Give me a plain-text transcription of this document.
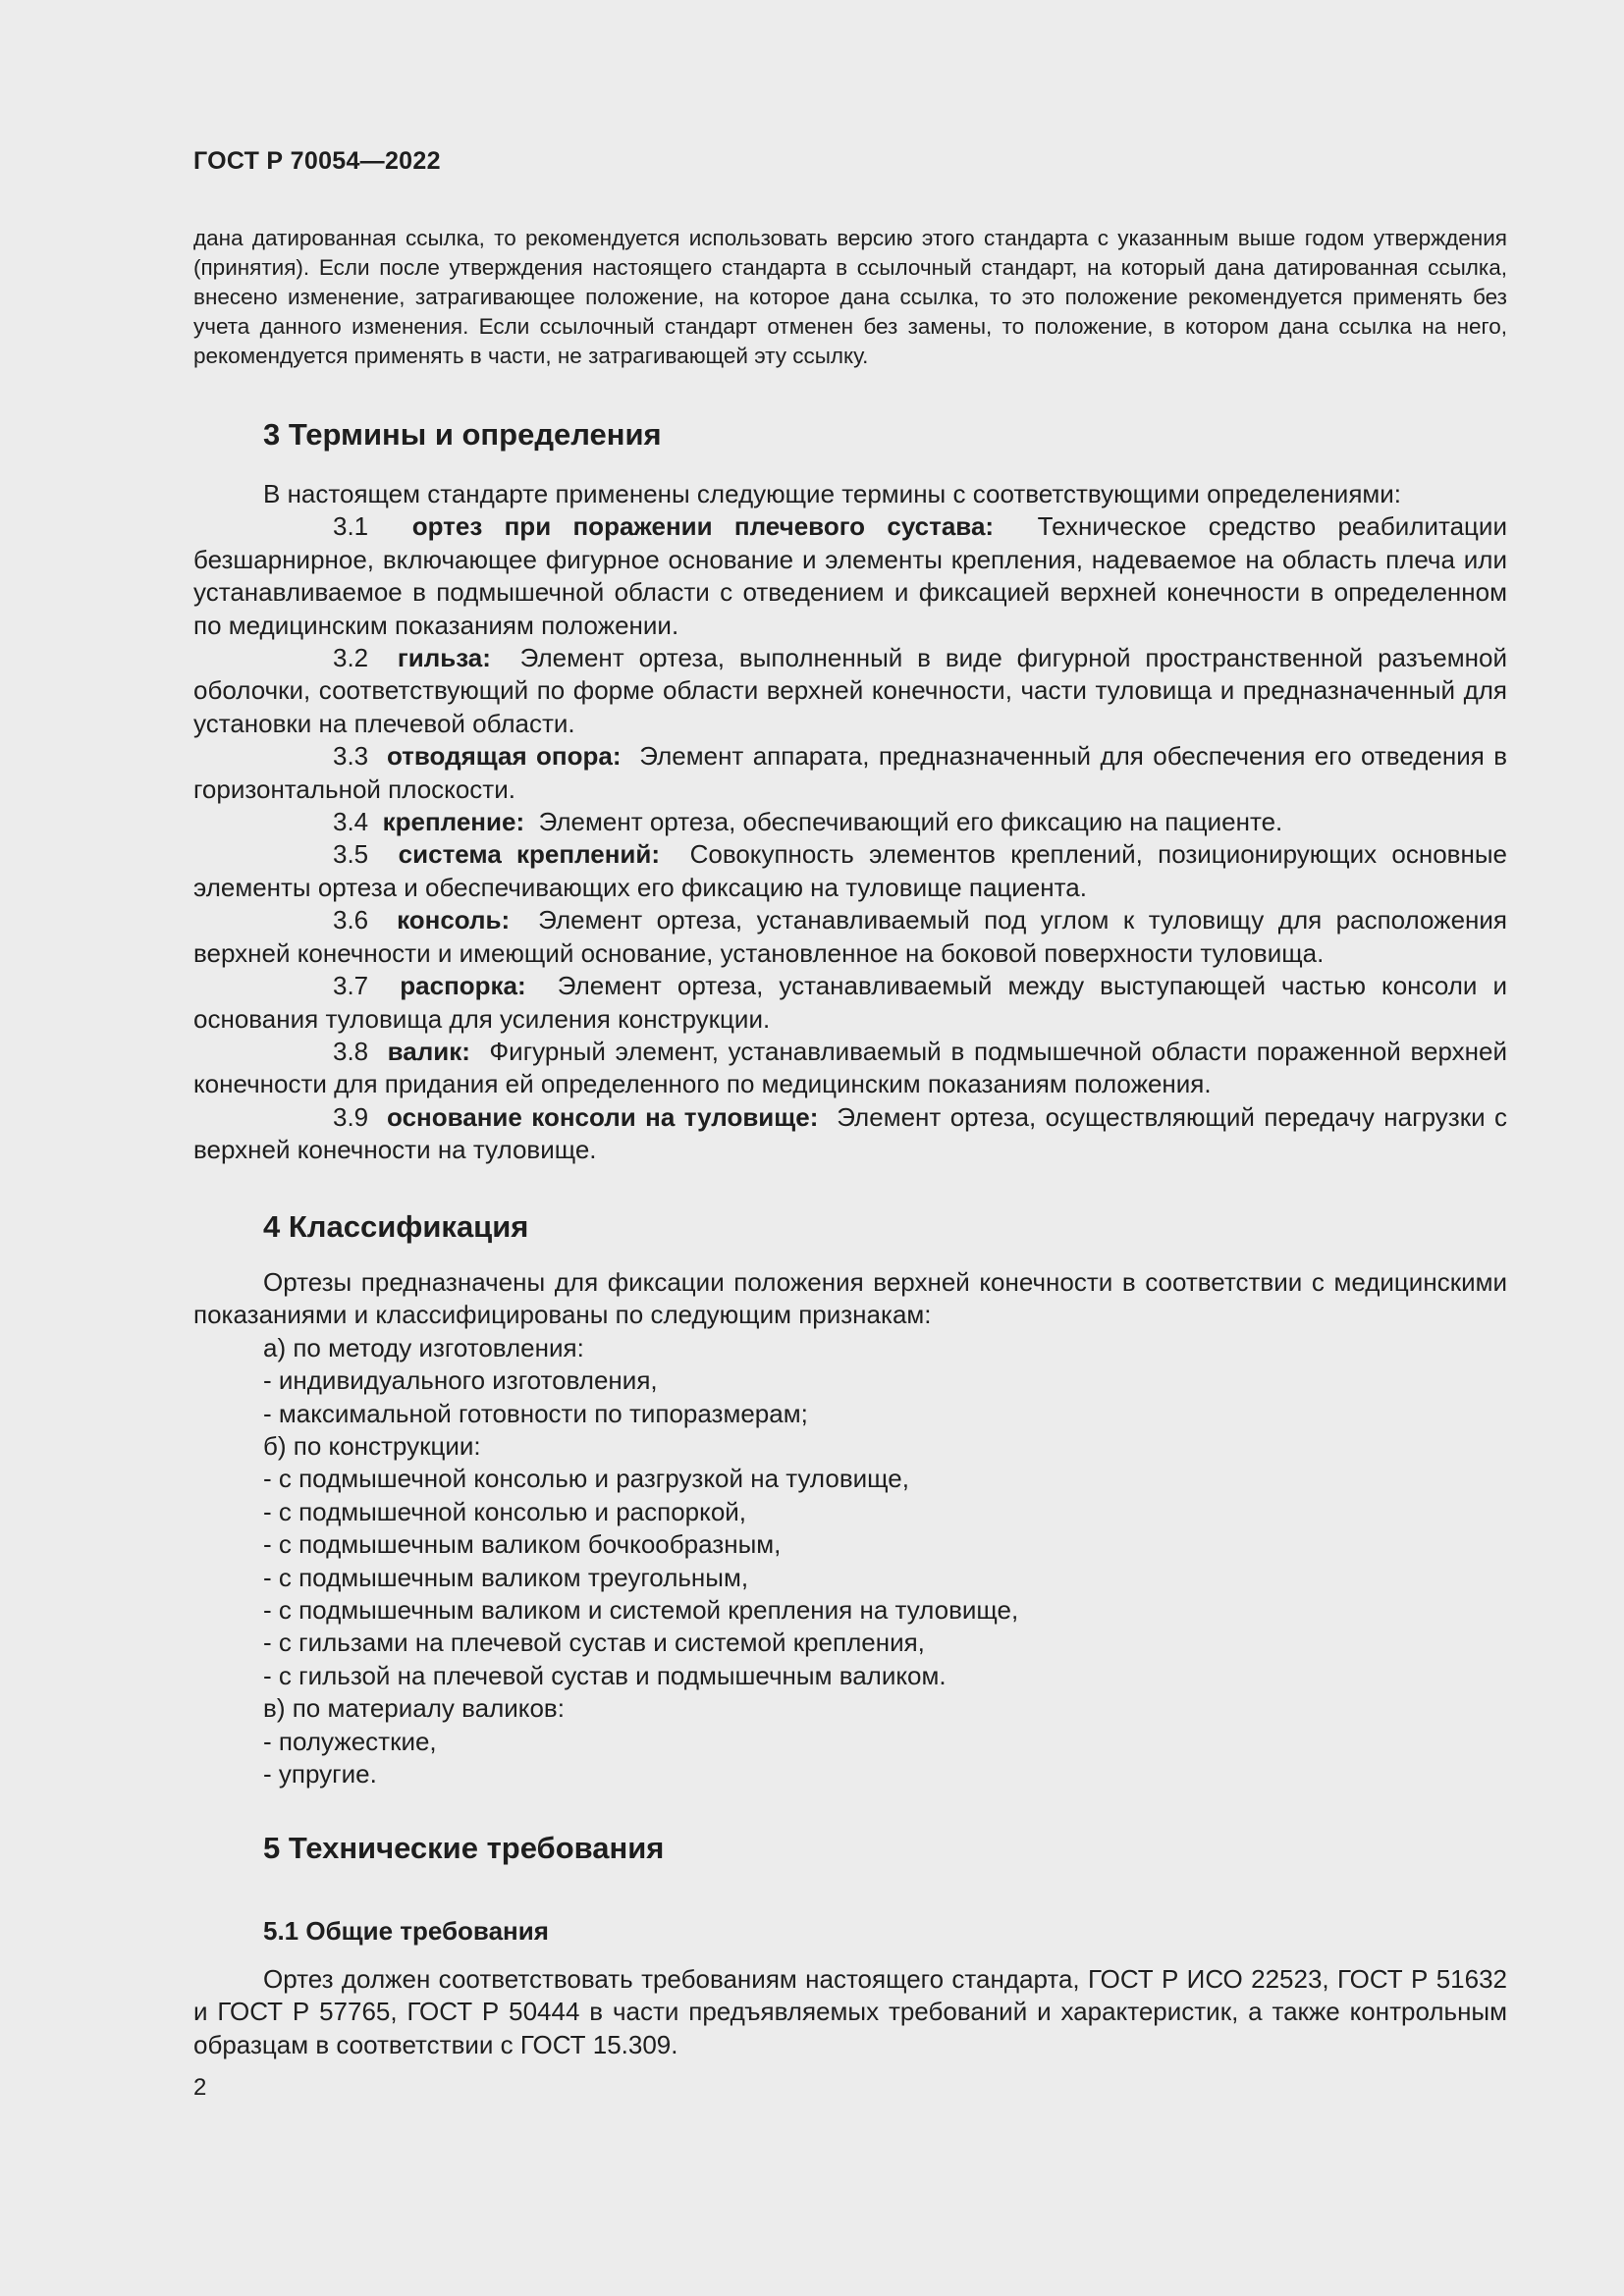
ГОСТ Р 70054—2022
дана датированная ссылка, то рекомендуется использовать версию этого стандарта с указанным выше годом утверждения (принятия). Если после утверждения настоящего стандарта в ссылочный стандарт, на который дана датированная ссылка, внесено изменение, затрагивающее положение, на которое дана ссылка, то это положение рекомендуется применять без учета данного изменения. Если ссылочный стандарт отменен без замены, то положение, в котором дана ссылка на него, рекомендуется применять в части, не затрагивающей эту ссылку.
3 Термины и определения

В настоящем стандарте применены следующие термины с соответствующими определениями:

3.1 ортез при поражении плечевого сустава: Техническое средство реабилитации безшарнирное, включающее фигурное основание и элементы крепления, надеваемое на область плеча или устанавливаемое в подмышечной области с отведением и фиксацией верхней конечности в определенном по медицинским показаниям положении.

3.2 гильза: Элемент ортеза, выполненный в виде фигурной пространственной разъемной оболочки, соответствующий по форме области верхней конечности, части туловища и предназначенный для установки на плечевой области.

3.3 отводящая опора: Элемент аппарата, предназначенный для обеспечения его отведения в горизонтальной плоскости.

3.4 крепление: Элемент ортеза, обеспечивающий его фиксацию на пациенте.

3.5 система креплений: Совокупность элементов креплений, позиционирующих основные элементы ортеза и обеспечивающих его фиксацию на туловище пациента.

3.6 консоль: Элемент ортеза, устанавливаемый под углом к туловищу для расположения верхней конечности и имеющий основание, установленное на боковой поверхности туловища.

3.7 распорка: Элемент ортеза, устанавливаемый между выступающей частью консоли и основания туловища для усиления конструкции.

3.8 валик: Фигурный элемент, устанавливаемый в подмышечной области пораженной верхней конечности для придания ей определенного по медицинским показаниям положения.

3.9 основание консоли на туловище: Элемент ортеза, осуществляющий передачу нагрузки с верхней конечности на туловище.

4 Классификация

Ортезы предназначены для фиксации положения верхней конечности в соответствии с медицинскими показаниями и классифицированы по следующим признакам:

а) по методу изготовления:
- индивидуального изготовления,
- максимальной готовности по типоразмерам;
б) по конструкции:
- с подмышечной консолью и разгрузкой на туловище,
- с подмышечной консолью и распоркой,
- с подмышечным валиком бочкообразным,
- с подмышечным валиком треугольным,
- с подмышечным валиком и системой крепления на туловище,
- с гильзами на плечевой сустав и системой крепления,
- с гильзой на плечевой сустав и подмышечным валиком.
в) по материалу валиков:
- полужесткие,
- упругие.
5 Технические требования
5.1 Общие требования

Ортез должен соответствовать требованиям настоящего стандарта, ГОСТ Р ИСО 22523, ГОСТ Р 51632 и ГОСТ Р 57765, ГОСТ Р 50444 в части предъявляемых требований и характеристик, а также контрольным образцам в соответствии с ГОСТ 15.309.

2
